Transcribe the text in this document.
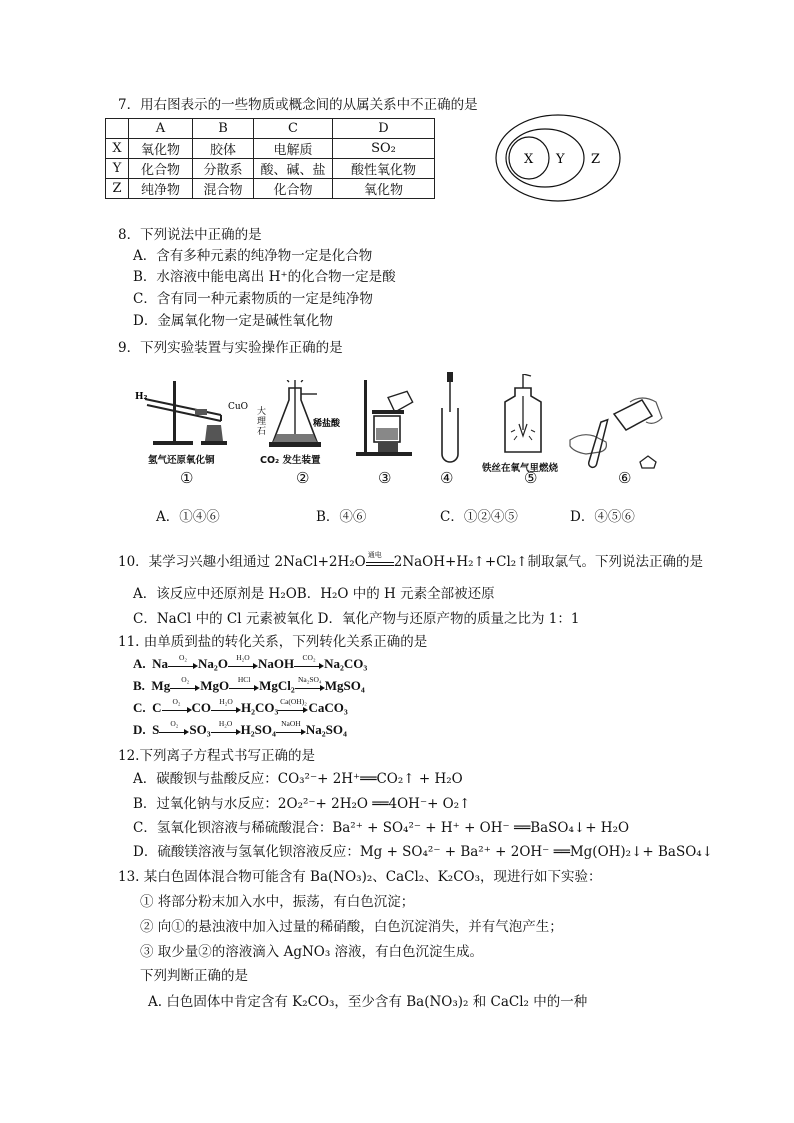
7．用右图表示的一些物质或概念间的从属关系中不正确的是
	A	B	C	D
X	氧化物	胶体	电解质	SO₂
Y	化合物	分散系	酸、碱、盐	酸性氧化物
Z	纯净物	混合物	化合物	氧化物
X Y Z
8．下列说法中正确的是
A．含有多种元素的纯净物一定是化合物
B．水溶液中能电离出 H⁺的化合物一定是酸
C．含有同一种元素物质的一定是纯净物
D．金属氧化物一定是碱性氧化物
9．下列实验装置与实验操作正确的是
H₂
CuO
氢气还原氧化铜
大
理
石
稀盐酸
CO₂ 发生装置
铁丝在氧气里燃烧
①	②	③	④	⑤	⑥
A．①④⑥	B．④⑥	C．①②④⑤	D．④⑤⑥
10．某学习兴趣小组通过 2NaCl+2H₂O 通电 2NaOH+H₂↑+Cl₂↑制取氯气。下列说法正确的是
A．该反应中还原剂是 H₂OB．H₂O 中的 H 元素全部被还原
C．NaCl 中的 Cl 元素被氧化 D．氧化产物与还原产物的质量之比为 1：1
11. 由单质到盐的转化关系，下列转化关系正确的是
A. Na	O₂ Na₂O	H₂O NaOH	CO₂ Na₂CO₃
B. Mg	O₂ MgO	HCl MgCl₂ Na₂SO₄ MgSO₄
C. C	O₂ CO	H₂O H₂CO₃ Ca(OH)₂ CaCO₃
D. S	O₂ SO₃	H₂O H₂SO₄ NaOH Na₂SO₄
12.下列离子方程式书写正确的是
A．碳酸钡与盐酸反应：CO₃²⁻+ 2H⁺══CO₂↑ + H₂O
B．过氧化钠与水反应：2O₂²⁻+ 2H₂O ══4OH⁻+ O₂↑
C．氢氧化钡溶液与稀硫酸混合：Ba²⁺ + SO₄²⁻ + H⁺ + OH⁻ ══BaSO₄↓+ H₂O
D．硫酸镁溶液与氢氧化钡溶液反应：Mg + SO₄²⁻ + Ba²⁺ + 2OH⁻ ══Mg(OH)₂↓+ BaSO₄↓
13. 某白色固体混合物可能含有 Ba(NO₃)₂、CaCl₂、K₂CO₃，现进行如下实验：
① 将部分粉末加入水中，振荡，有白色沉淀；
② 向①的悬浊液中加入过量的稀硝酸，白色沉淀消失，并有气泡产生；
③ 取少量②的溶液滴入 AgNO₃ 溶液，有白色沉淀生成。
下列判断正确的是
A. 白色固体中肯定含有 K₂CO₃，至少含有 Ba(NO₃)₂ 和 CaCl₂ 中的一种
